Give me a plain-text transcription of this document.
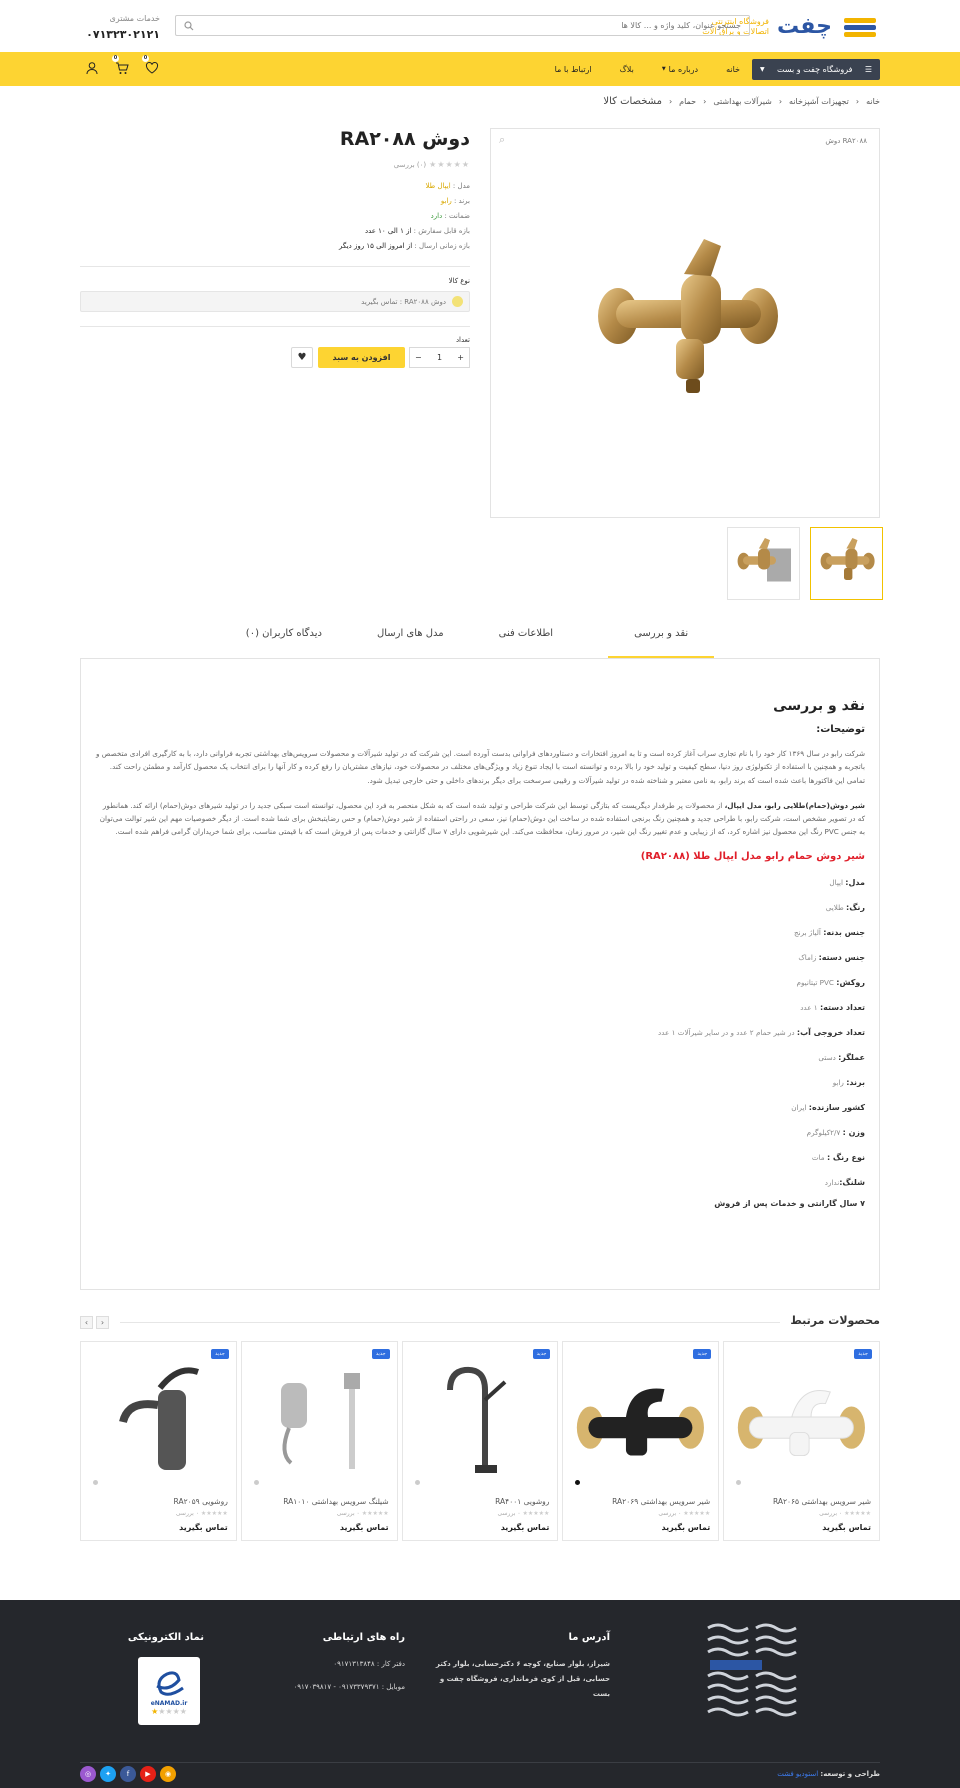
چفت
فروشگاه اینترنتی
اتصالات و براق آلات
جستجو عنوان، کلید واژه و ... کالا ها
خدمات مشتری
۰۷۱۳۲۳۰۲۱۲۱
☰
فروشگاه چفت و بست
▼
خانه
درباره ما
▼
بلاگ
ارتباط با ما
0	0
خانه
‹
تجهیزات آشپزخانه
‹
شیرآلات بهداشتی
‹
حمام
‹
مشخصات کالا
دوش RA۲۰۸۸
⌕
دوش RA۲۰۸۸
★★★★★
(۰) بررسی
مدل : ایپال طلا
برند : رابو
ضمانت : دارد
بازه قابل سفارش : از ۱ الی ۱۰ عدد
بازه زمانی ارسال : از امروز الی ۱۵ روز دیگر
نوع کالا
دوش RA۲۰۸۸ : تماس بگیرید
تعداد
− 1 +
افزودن به سبد
♥
نقد و بررسی
اطلاعات فنی
مدل های ارسال
دیدگاه کاربران (۰)
نقد و بررسی
توضیحات:

شرکت رابو در سال ۱۳۶۹ کار خود را با نام تجاری سراب آغاز کرده است و تا به امروز افتخارات و دستاوردهای فراوانی بدست آورده است. این شرکت که در تولید شیرآلات و محصولات سرویس‌های بهداشتی تجربه فراوانی دارد، با به کارگیری افرادی متخصص و باتجربه و همچنین با استفاده از تکنولوژی روز دنیا، سطح کیفیت و تولید خود را بالا برده و توانسته است با ایجاد تنوع زیاد و ویژگی‌های مختلف در محصولات خود، نیازهای مشتریان را رفع کرده و کار آنها را برای انتخاب یک محصول کارآمد و مطمئن راحت کند. تمامی این فاکتورها باعث شده است که برند رابو، به نامی معتبر و شناخته شده در تولید شیرآلات و رقیبی سرسخت برای دیگر برندهای داخلی و حتی خارجی تبدیل شود.

شیر دوش(حمام)طلایی رابو، مدل ایپال، از محصولات پر طرفدار دیگریست که بتازگی توسط این شرکت طراحی و تولید شده است که به شکل منحصر به فرد این محصول، توانسته است سبکی جدید را در تولید شیرهای دوش(حمام) ارائه کند. همانطور که در تصویر مشخص است، شرکت رابو، با طراحی جدید و همچنین رنگ برنجی استفاده شده در ساخت این دوش(حمام) نیز، سعی در راحتی استفاده از شیر دوش(حمام) و حس رضایتبخش برای شما شده است. از دیگر خصوصیات مهم این شیر توالت می‌توان به جنس PVC رنگ این محصول نیز اشاره کرد، که از زیبایی و عدم تغییر رنگ این شیر، در مرور زمان، محافظت می‌کند. این شیرشویی دارای ۷ سال گارانتی و خدمات پس از فروش است که با قیمتی مناسب، برای شما خریداران گرامی فراهم شده است.

شیر دوش حمام رابو مدل ایپال طلا (RA۲۰۸۸)
مدل: ایپال
رنگ: طلایی
جنس بدنه: آلیاژ برنج
جنس دسته: زاماک
روکش: PVC تیتانیوم
تعداد دسته: ۱ عدد
تعداد خروجی آب: در شیر حمام ۲ عدد و در سایر شیرآلات ۱ عدد
عملگر: دستی
برند: رابو
کشور سازنده: ایران
وزن : ۲/۷کیلوگرم
نوع رنگ : مات
شلنگ:ندارد
۷ سال گارانتی و خدمات پس از فروش
محصولات مرتبط
‹	›
جدید
شیر سرویس بهداشتی RA۲۰۶۵
★★★★★ ۰ بررسی
تماس بگیرید
جدید
شیر سرویس بهداشتی RA۲۰۶۹
★★★★★ ۰ بررسی
تماس بگیرید
جدید
روشویی RA۴۰۰۱
★★★★★ ۰ بررسی
تماس بگیرید
جدید
شیلنگ سرویس بهداشتی RA۱۰۱۰
★★★★★ ۰ بررسی
تماس بگیرید
جدید
روشویی RA۲۰۵۹
★★★★★ ۰ بررسی
تماس بگیرید
آدرس ما

شیراز، بلوار صنایع، کوچه ۶ دکترحسابی، بلوار دکتر حسابی، قبل از کوی فرمانداری، فروشگاه چفت و بست

راه های ارتباطی

دفتر کار : ۰۹۱۷۱۳۱۳۸۴۸

موبایل : ۰۹۱۷۳۳۷۹۳۷۱ - ۰۹۱۷۰۳۹۸۱۷

نماد الکترونیکی
eNAMAD.ir
★★★★★
طراحی و توسعه: استودیو فشت
◎	✦	f	▶	◉
